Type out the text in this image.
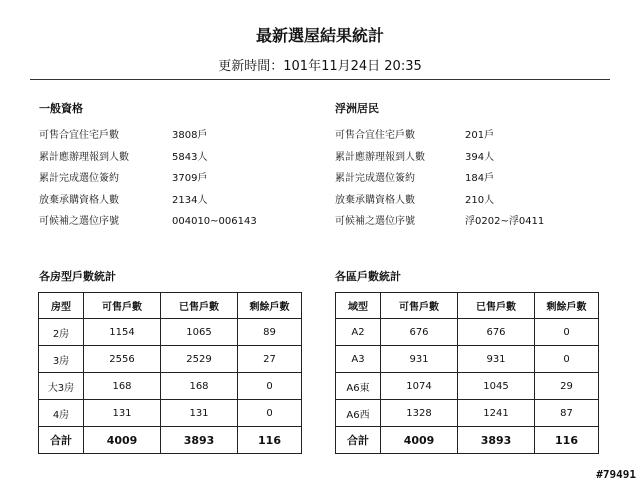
最新選屋結果統計
更新時間：101年11月24日 20:35
一般資格
可售合宜住宅戶數	3808戶
累計應辦理報到人數	5843人
累計完成選位簽約	3709戶
放棄承購資格人數	2134人
可候補之選位序號	004010~006143
浮洲居民
可售合宜住宅戶數	201戶
累計應辦理報到人數	394人
累計完成選位簽約	184戶
放棄承購資格人數	210人
可候補之選位序號	浮0202~浮0411
各房型戶數統計
房型	可售戶數	已售戶數	剩餘戶數
2房	1154	1065	89
3房	2556	2529	27
大3房	168	168	0
4房	131	131	0
合計	4009	3893	116
各區戶數統計
域型	可售戶數	已售戶數	剩餘戶數
A2	676	676	0
A3	931	931	0
A6東	1074	1045	29
A6西	1328	1241	87
合計	4009	3893	116
#79491
